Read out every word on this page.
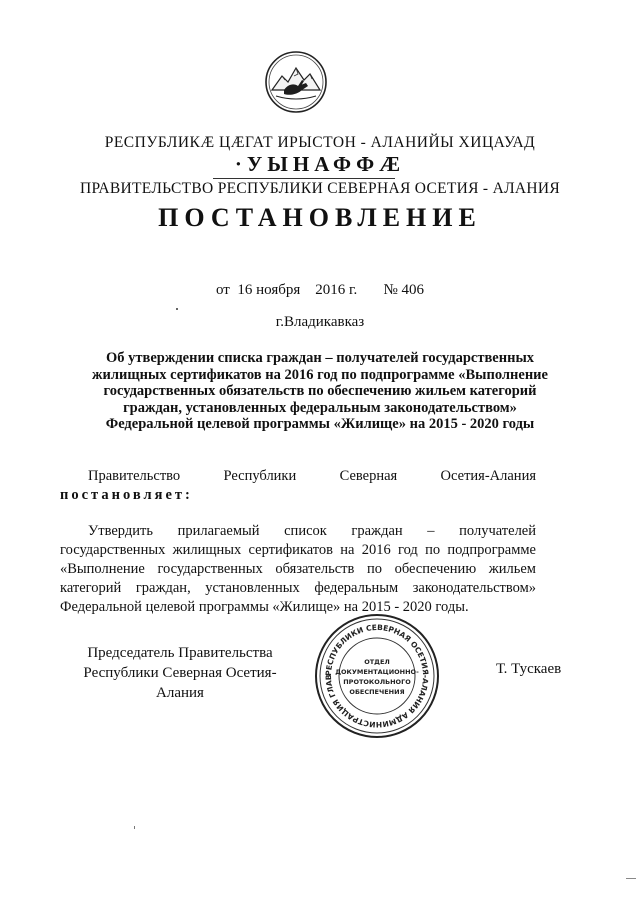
РЕСПУБЛИКÆ ЦÆГАТ ИРЫСТОН - АЛАНИЙЫ ХИЦАУАД
·УЫНАФФÆ
ПРАВИТЕЛЬСТВО РЕСПУБЛИКИ СЕВЕРНАЯ ОСЕТИЯ - АЛАНИЯ
ПОСТАНОВЛЕНИЕ
от  16 ноября    2016 г.       № 406
г.Владикавказ
Об утверждении списка граждан – получателей государственных
жилищных сертификатов на 2016 год по подпрограмме «Выполнение
государственных обязательств по обеспечению жильем категорий
граждан, установленных федеральным законодательством»
Федеральной целевой программы «Жилище» на 2015 - 2020 годы
Правительство	Республики	Северная	Осетия-Алания
постановляет:
Утвердить прилагаемый список граждан – получателей государственных жилищных сертификатов на 2016 год по подпрограмме «Выполнение государственных обязательств по обеспечению жильем категорий граждан, установленных федеральным законодательством» Федеральной целевой программы «Жилище» на 2015 - 2020 годы.
Председатель Правительства
Республики Северная Осетия-Алания
РЕСПУБЛИКИ СЕВЕРНАЯ ОСЕТИЯ-АЛАНИЯ АДМИНИСТРАЦИЯ ГЛАВ
ОТДЕЛ
ДОКУМЕНТАЦИОННО-
ПРОТОКОЛЬНОГО
ОБЕСПЕЧЕНИЯ
Т. Тускаев
